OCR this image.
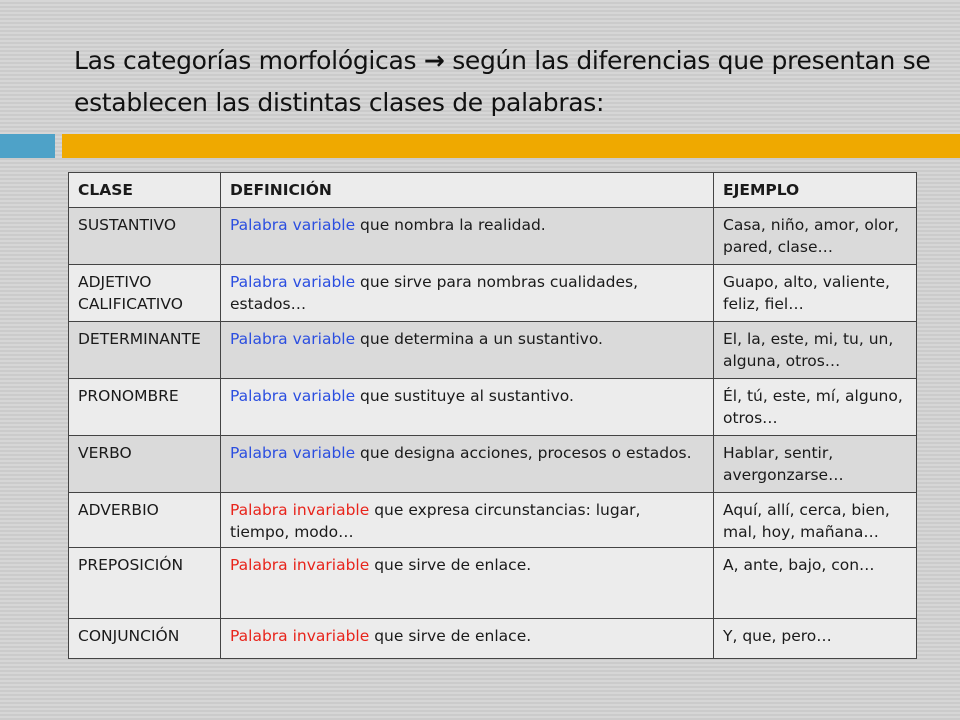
Las categorías morfológicas → según las diferencias que presentan se establecen las distintas clases de palabras:
CLASE	DEFINICIÓN	EJEMPLO
SUSTANTIVO	Palabra variable que nombra la realidad.	Casa, niño, amor, olor, pared, clase…
ADJETIVO CALIFICATIVO	Palabra variable que sirve para nombras cualidades, estados…	Guapo, alto, valiente, feliz, fiel…
DETERMINANTE	Palabra variable que determina a un sustantivo.	El, la, este, mi, tu, un, alguna, otros…
PRONOMBRE	Palabra variable que sustituye al sustantivo.	Él, tú, este, mí, alguno, otros…
VERBO	Palabra variable que designa acciones, procesos o estados.	Hablar, sentir, avergonzarse…
ADVERBIO	Palabra invariable que expresa circunstancias: lugar, tiempo, modo…	Aquí, allí, cerca, bien, mal, hoy, mañana…

PREPOSICIÓN	Palabra invariable que sirve de enlace.	A, ante, bajo, con…
CONJUNCIÓN	Palabra invariable que sirve de enlace.	Y, que, pero…
